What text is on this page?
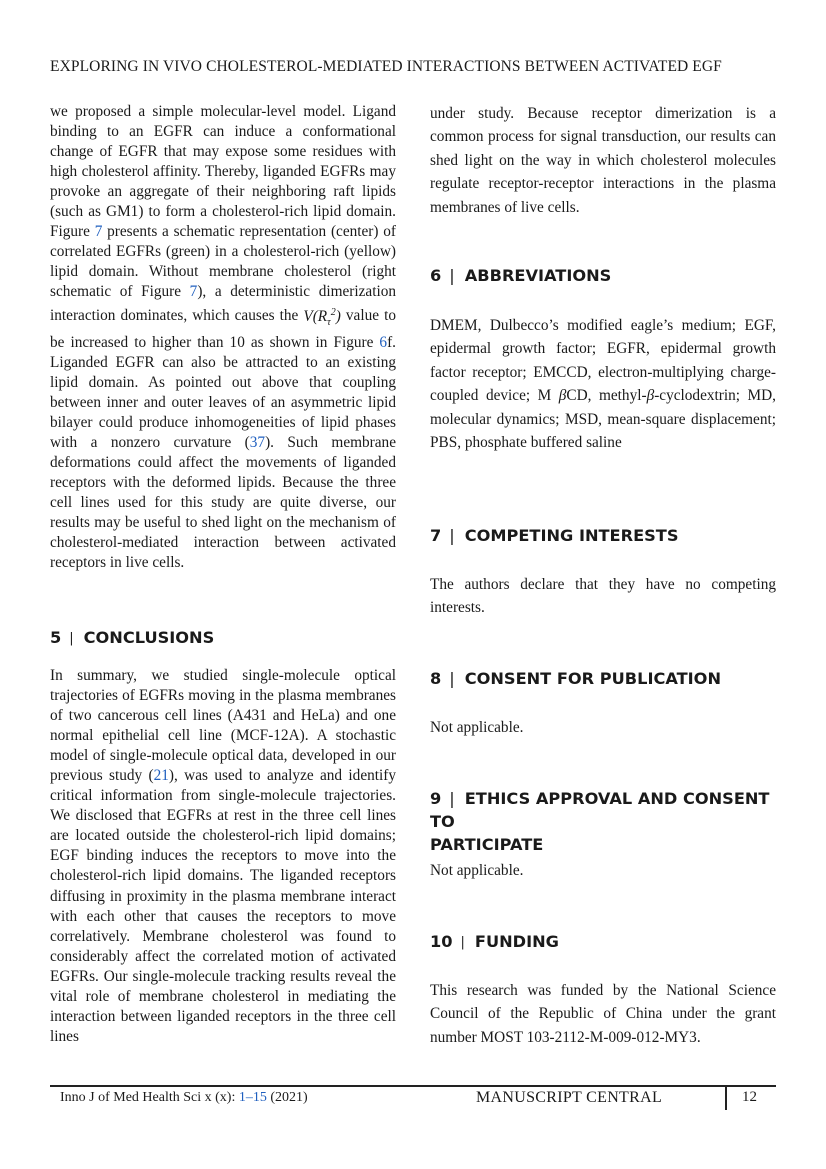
EXPLORING IN VIVO CHOLESTEROL-MEDIATED INTERACTIONS BETWEEN ACTIVATED EGF

we proposed a simple molecular-level model. Ligand binding to an EGFR can induce a conformational change of EGFR that may expose some residues with high cholesterol affinity. Thereby, liganded EGFRs may provoke an aggregate of their neighboring raft lipids (such as GM1) to form a cholesterol-rich lipid domain. Figure 7 presents a schematic representation (center) of correlated EGFRs (green) in a cholesterol-rich (yellow) lipid domain. Without membrane cholesterol (right schematic of Figure 7), a deterministic dimerization interaction dominates, which causes the $V(R_\tau^2)$ value to be increased to higher than 10 as shown in Figure 6f. Liganded EGFR can also be attracted to an existing lipid domain. As pointed out above that coupling between inner and outer leaves of an asymmetric lipid bilayer could produce inhomogeneities of lipid phases with a nonzero curvature (37). Such membrane deformations could affect the movements of liganded receptors with the deformed lipids. Because the three cell lines used for this study are quite diverse, our results may be useful to shed light on the mechanism of cholesterol-mediated interaction between activated receptors in live cells.

5 | CONCLUSIONS

In summary, we studied single-molecule optical trajectories of EGFRs moving in the plasma membranes of two cancerous cell lines (A431 and HeLa) and one normal epithelial cell line (MCF-12A). A stochastic model of single-molecule optical data, developed in our previous study (21), was used to analyze and identify critical information from single-molecule trajectories. We disclosed that EGFRs at rest in the three cell lines are located outside the cholesterol-rich lipid domains; EGF binding induces the receptors to move into the cholesterol-rich lipid domains. The liganded receptors diffusing in proximity in the plasma membrane interact with each other that causes the receptors to move correlatively. Membrane cholesterol was found to considerably affect the correlated motion of activated EGFRs. Our single-molecule tracking results reveal the vital role of membrane cholesterol in mediating the interaction between liganded receptors in the three cell lines

under study. Because receptor dimerization is a common process for signal transduction, our results can shed light on the way in which cholesterol molecules regulate receptor-receptor interactions in the plasma membranes of live cells.

6 | ABBREVIATIONS

DMEM, Dulbecco’s modified eagle’s medium; EGF, epidermal growth factor; EGFR, epidermal growth factor receptor; EMCCD, electron-multiplying charge-coupled device; M βCD, methyl-β-cyclodextrin; MD, molecular dynamics; MSD, mean-square displacement; PBS, phosphate buffered saline

7 | COMPETING INTERESTS

The authors declare that they have no competing interests.

8 | CONSENT FOR PUBLICATION

Not applicable.

9 | ETHICS APPROVAL AND CONSENT TO
PARTICIPATE

Not applicable.

10 | FUNDING

This research was funded by the National Science Council of the Republic of China under the grant number MOST 103-2112-M-009-012-MY3.

Inno J of Med Health Sci x (x): 1–15 (2021)	MANUSCRIPT CENTRAL	12
